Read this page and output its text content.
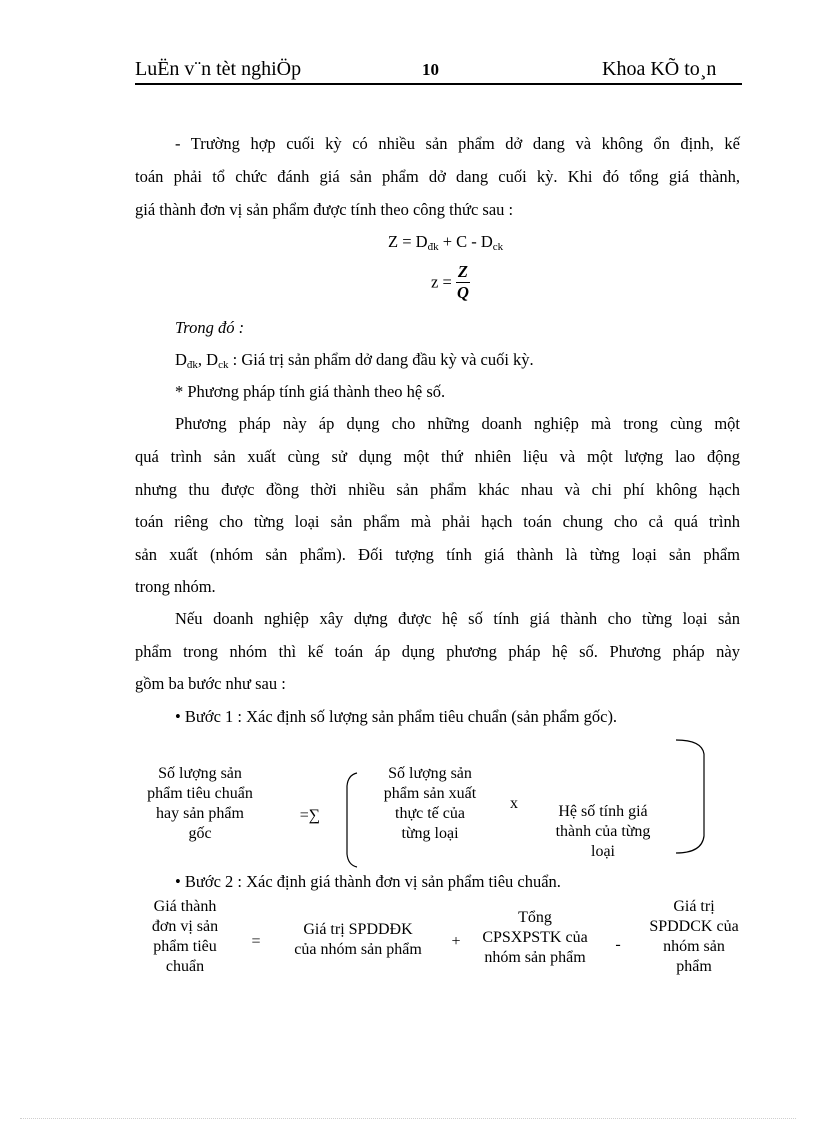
LuËn v¨n tèt nghiÖp	10	Khoa KÕ to¸n
- Trường hợp cuối kỳ có nhiều sản phẩm dở dang và không ổn định, kế
toán phải tổ chức đánh giá sản phẩm dở dang cuối kỳ. Khi đó tổng giá thành,
giá thành đơn vị sản phẩm được tính theo công thức sau :
$Z = D_{đk} + C - D_{ck}$
$z = \frac{Z}{Q}$
Trong đó :
$D_{đk}$, $D_{ck}$ : Giá trị sản phẩm dở dang đầu kỳ và cuối kỳ.
* Phương pháp tính giá thành theo hệ số.
Phương pháp này áp dụng cho những doanh nghiệp mà trong cùng một
quá trình sản xuất cùng sử dụng một thứ nhiên liệu và một lượng lao động
nhưng thu được đồng thời nhiều sản phẩm khác nhau và chi phí không hạch
toán riêng cho từng loại sản phẩm mà phải hạch toán chung cho cả quá trình
sản xuất (nhóm sản phẩm). Đối tượng tính giá thành là từng loại sản phẩm
trong nhóm.
Nếu doanh nghiệp xây dựng được hệ số tính giá thành cho từng loại sản
phẩm trong nhóm thì kế toán áp dụng phương pháp hệ số. Phương pháp này
gồm ba bước như sau :
• Bước 1 : Xác định số lượng sản phẩm tiêu chuẩn (sản phẩm gốc).
Số lượng sản
phẩm tiêu chuẩn
hay sản phẩm
gốc
=∑
Số lượng sản
phẩm sản xuất
thực tế của
từng loại
x	Hệ số tính giá
thành của từng
loại
• Bước 2 : Xác định giá thành đơn vị sản phẩm tiêu chuẩn.
Giá thành
đơn vị sản
phẩm tiêu
chuẩn
=
Giá trị SPDDĐK
của nhóm sản phẩm	+
Tổng
CPSXPSTK của
nhóm sản phẩm
-
Giá trị
SPDDCK của
nhóm sản
phẩm
